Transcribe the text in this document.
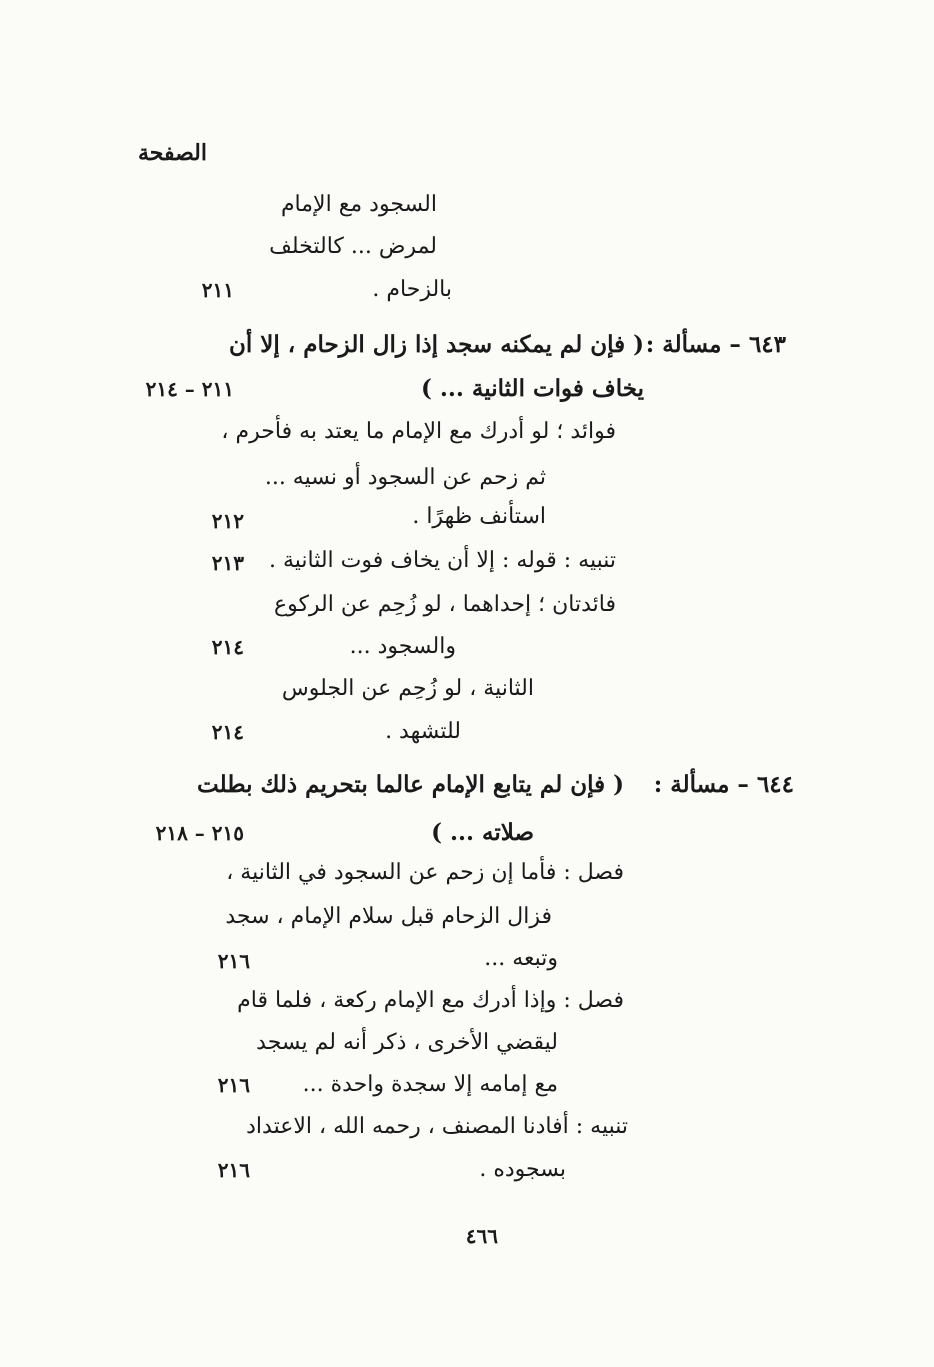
الصفحة
السجود مع الإمام
لمرض ... كالتخلف
بالزحام .
٢١١
٦٤٣ – مسألة :
( فإن لم يمكنه سجد إذا زال الزحام ، إلا أن
يخاف فوات الثانية ... )
٢١١ – ٢١٤
فوائد ؛ لو أدرك مع الإمام ما يعتد به فأحرم ،
ثم زحم عن السجود أو نسيه ...
استأنف ظهرًا .
٢١٢
تنبيه : قوله : إلا أن يخاف فوت الثانية .
٢١٣
فائدتان ؛ إحداهما ، لو زُحِم عن الركوع
والسجود ...
٢١٤
الثانية ، لو زُحِم عن الجلوس
للتشهد .
٢١٤
٦٤٤ – مسألة :
( فإن لم يتابع الإمام عالما بتحريم ذلك بطلت
صلاته ... )
٢١٥ – ٢١٨
فصل : فأما إن زحم عن السجود في الثانية ،
فزال الزحام قبل سلام الإمام ، سجد
وتبعه ...
٢١٦
فصل : وإذا أدرك مع الإمام ركعة ، فلما قام
ليقضي الأخرى ، ذكر أنه لم يسجد
مع إمامه إلا سجدة واحدة ...
٢١٦
تنبيه : أفادنا المصنف ، رحمه الله ، الاعتداد
بسجوده .
٢١٦
٤٦٦
